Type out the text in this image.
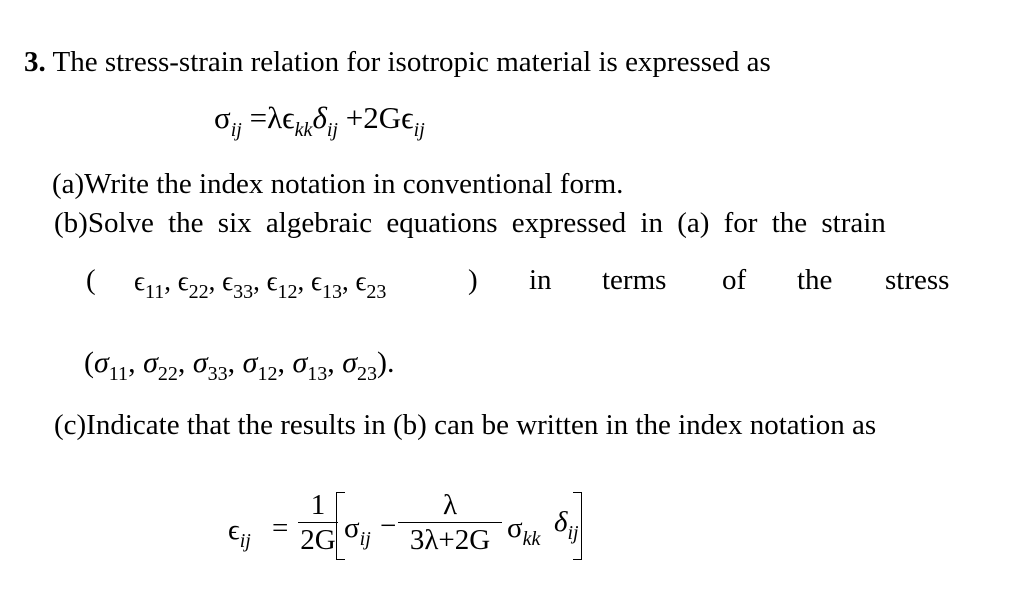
3. The stress-strain relation for isotropic material is expressed as
$\sigma_{ij} =\lambda\epsilon_{kk}\delta_{ij} +2G\epsilon_{ij}$
(a)Write the index notation in conventional form.
(b)Solve the six algebraic equations expressed in (a) for the strain
( $\epsilon_{11}$, $\epsilon_{22}$, $\epsilon_{33}$, $\epsilon_{12}$, $\epsilon_{13}$, $\epsilon_{23}$	) in terms of the stress
($\sigma_{11}$, $\sigma_{22}$, $\sigma_{33}$, $\sigma_{12}$, $\sigma_{13}$, $\sigma_{23}$).
(c)Indicate that the results in (b) can be written in the index notation as
$\epsilon_{ij}$ =
1
2G $\sigma_{ij}$ −
λ
3λ+2G $\sigma_{kk}$
$\delta_{ij}$
